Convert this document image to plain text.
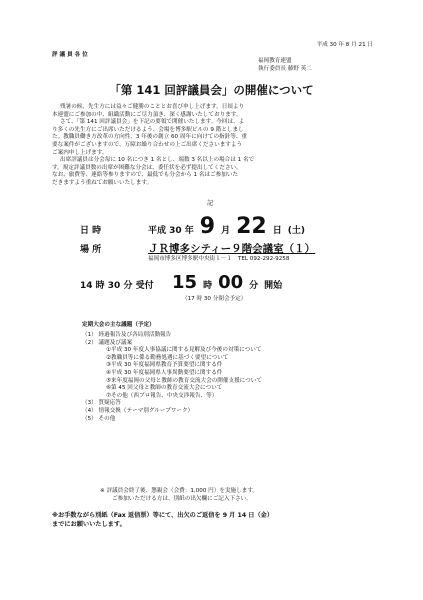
平成 30 年 8 月 21 日
評 議 員 各 位
福岡教育連盟
執行委員長 藤野 英二
「第 141 回評議員会」の開催について
残暑の候、先生方には益々ご健勝のこととお喜び申し上げます。日頃より
本連盟にご参加の中、組織活動にご尽力頂き、深く感謝いたしております。
さて、「第 141 回評議員会」を下記の要領で開催いたします。今回は、よ
り多くの先生方にご出席いただけるよう、会場を博多駅ビルの 9 階としまし
た。教職員働き方改革の方向性、3 年後の創立 60 周年に向けての指針等、重
要な案件がございますので、万障お繰り合わせの上ご出席くださいますよう
ご案内申し上げます。
出席評議員は分会毎に 10 名につき 1 名とし、端数 3 名以上の場合は 1 名で
す。規定評議員数の出席が困難な分会は、委任状を必ず提出してください。
なお、旅費等、連絡等参りますので、最低でも分会から 1 名はご参加いた
だきますよう重ねてお願いいたします。
記
日 時	平成 30 年 9 月 22 日 (土)
場 所	ＪＲ博多シティー９階会議室（１）
福岡市博多区博多駅中央街１－１ TEL 092-292-9258
14 時 30 分 受付	15 時 00 分 開始
（17 時 30 分閉会予定）
定期大会の主な議題（予定）
（1） 経過報告及び各局別活動報告
（2） 議題及び議案
①平成 30 年度人事協議に関する見解及び今後の対策について
②教職員等に係る勤務処遇に基づく要望について
③平成 30 年度福岡県教育予算要望に関する件
④平成 30 年度福岡県人事異動要望に関する件
⑤来年度福岡の父母と教師の教育交流大会の開催支援について
⑥第 45 回父母と教師の教育交流大会について
⑦その他（西ブロ報告、中央交渉報告、等）
（3） 質疑応答
（4） 情報交換（テーマ別グループワーク）
（5） その他
※ 評議員会終了後、懇親会（会費：1,000 円）を実施します。
ご参加いただける方は、別紙の出欠欄にご記入下さい。
※お手数ながら別紙（Fax 返信票）等にて、出欠のご返信を 9 月 14 日（金）
までにお願いいたします。
